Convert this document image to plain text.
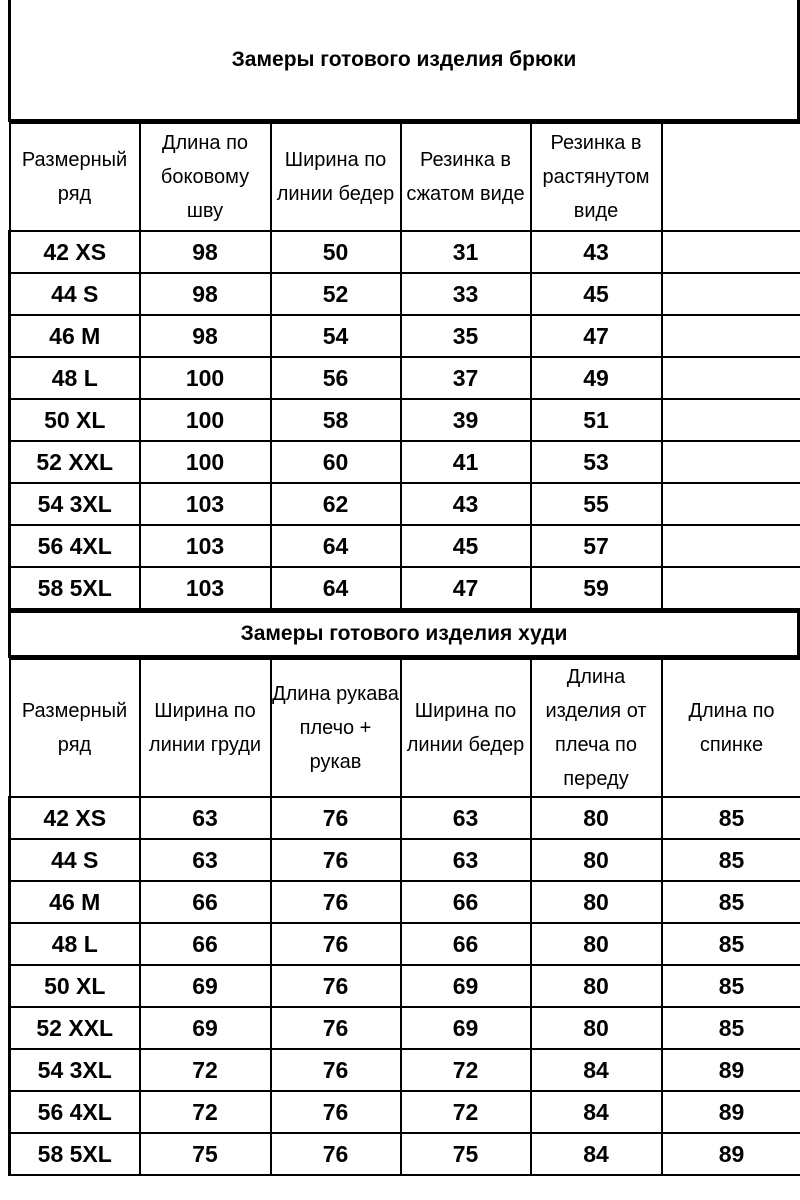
Замеры готового изделия брюки
Размерный ряд	Длина по боковому шву	Ширина по линии бедер	Резинка в сжатом виде	Резинка в растянутом виде	
42 XS	98	50	31	43	
44 S	98	52	33	45	
46 M	98	54	35	47	
48 L	100	56	37	49	
50 XL	100	58	39	51	
52 XXL	100	60	41	53	
54 3XL	103	62	43	55	
56 4XL	103	64	45	57	
58 5XL	103	64	47	59	
Замеры готового изделия худи
Размерный ряд	Ширина по линии груди	Длина рукава плечо + рукав	Ширина по линии бедер	Длина изделия от плеча по переду	Длина по спинке
42 XS	63	76	63	80	85
44 S	63	76	63	80	85
46 M	66	76	66	80	85
48 L	66	76	66	80	85
50 XL	69	76	69	80	85
52 XXL	69	76	69	80	85
54 3XL	72	76	72	84	89
56 4XL	72	76	72	84	89
58 5XL	75	76	75	84	89
